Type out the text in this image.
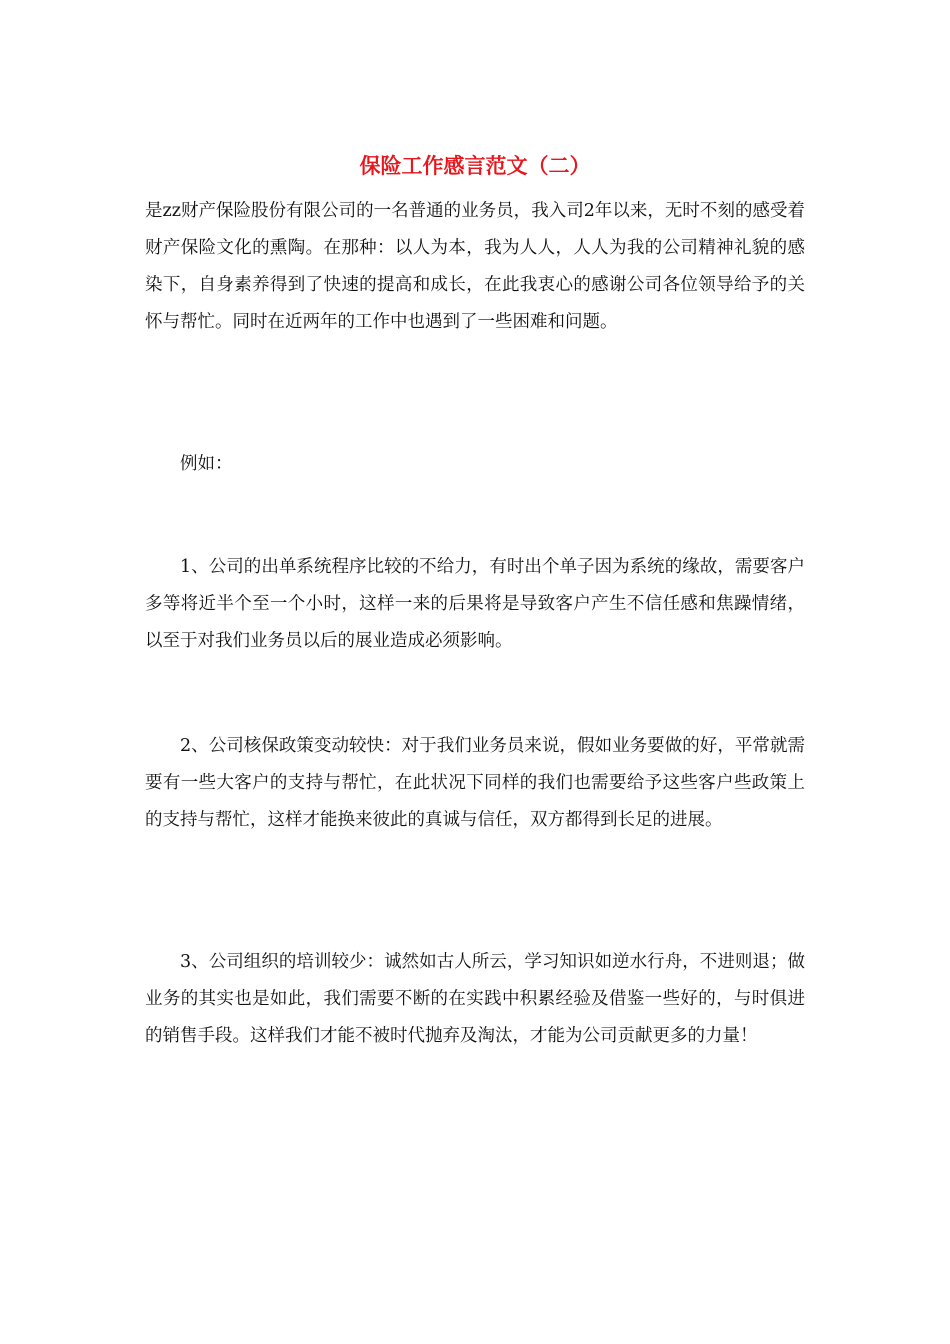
保险工作感言范文（二）

是zz财产保险股份有限公司的一名普通的业务员，我入司2年以来，无时不刻的感受着财产保险文化的熏陶。在那种：以人为本，我为人人，人人为我的公司精神礼貌的感染下，自身素养得到了快速的提高和成长，在此我衷心的感谢公司各位领导给予的关怀与帮忙。同时在近两年的工作中也遇到了一些困难和问题。

例如：

1、公司的出单系统程序比较的不给力，有时出个单子因为系统的缘故，需要客户多等将近半个至一个小时，这样一来的后果将是导致客户产生不信任感和焦躁情绪，以至于对我们业务员以后的展业造成必须影响。

2、公司核保政策变动较快：对于我们业务员来说，假如业务要做的好，平常就需要有一些大客户的支持与帮忙，在此状况下同样的我们也需要给予这些客户些政策上的支持与帮忙，这样才能换来彼此的真诚与信任，双方都得到长足的进展。

3、公司组织的培训较少：诚然如古人所云，学习知识如逆水行舟，不进则退；做业务的其实也是如此，我们需要不断的在实践中积累经验及借鉴一些好的，与时俱进的销售手段。这样我们才能不被时代抛弃及淘汰，才能为公司贡献更多的力量！
